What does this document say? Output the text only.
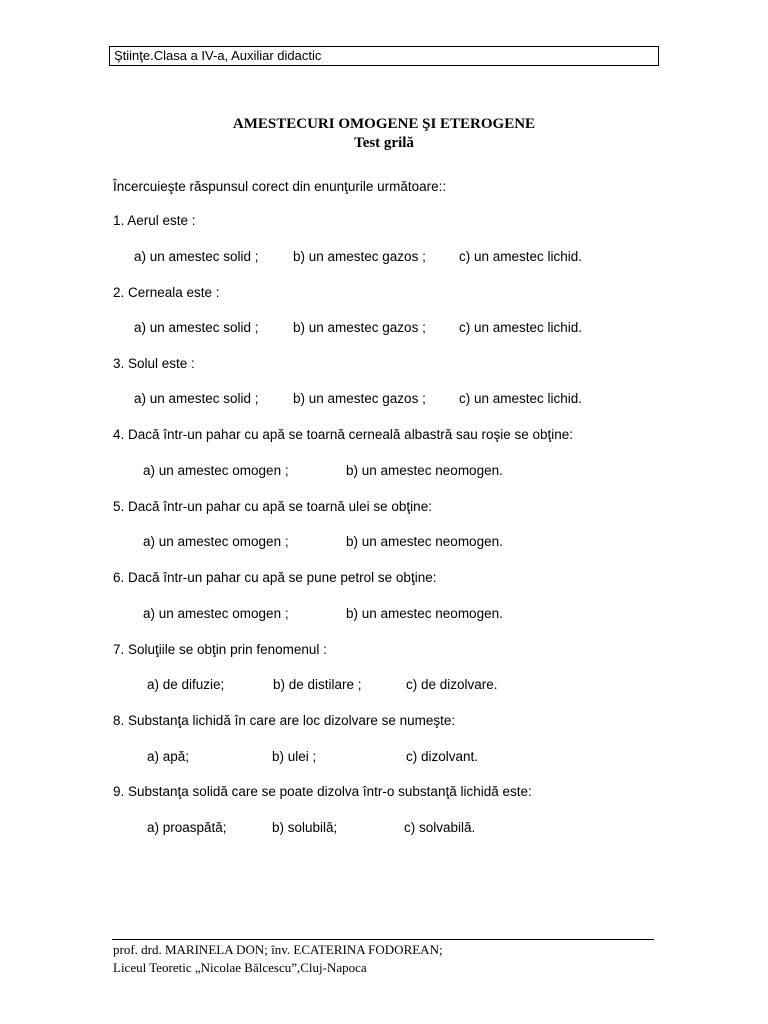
Ştiinţe.Clasa a IV-a, Auxiliar didactic
AMESTECURI OMOGENE ŞI ETEROGENE
Test grilă
Încercuieşte răspunsul corect din enunţurile următoare::
1. Aerul este :
a) un amestec solid ;	b) un amestec gazos ; c) un amestec lichid.
2. Cerneala este :
a) un amestec solid ;	b) un amestec gazos ; c) un amestec lichid.
3. Solul este :
a) un amestec solid ;	b) un amestec gazos ; c) un amestec lichid.
4. Dacă într-un pahar cu apă se toarnă cerneală albastră sau roşie se obţine:
a) un amestec omogen ;	b) un amestec neomogen.
5. Dacă într-un pahar cu apă se toarnă ulei se obţine:
a) un amestec omogen ;	b) un amestec neomogen.
6. Dacă într-un pahar cu apă se pune petrol se obţine:
a) un amestec omogen ;	b) un amestec neomogen.
7. Soluţiile se obţin prin fenomenul :
a) de difuzie;	b) de distilare ;	c) de dizolvare.
8. Substanţa lichidă în care are loc dizolvare se numeşte:
a) apă;	b) ulei ;	c) dizolvant.
9. Substanţa solidă care se poate dizolva într-o substanţă lichidă este:
a) proaspătă;	b) solubilă;	c) solvabilă.
prof. drd. MARINELA DON; înv. ECATERINA FODOREAN;
Liceul Teoretic „Nicolae Bălcescu”,Cluj-Napoca
